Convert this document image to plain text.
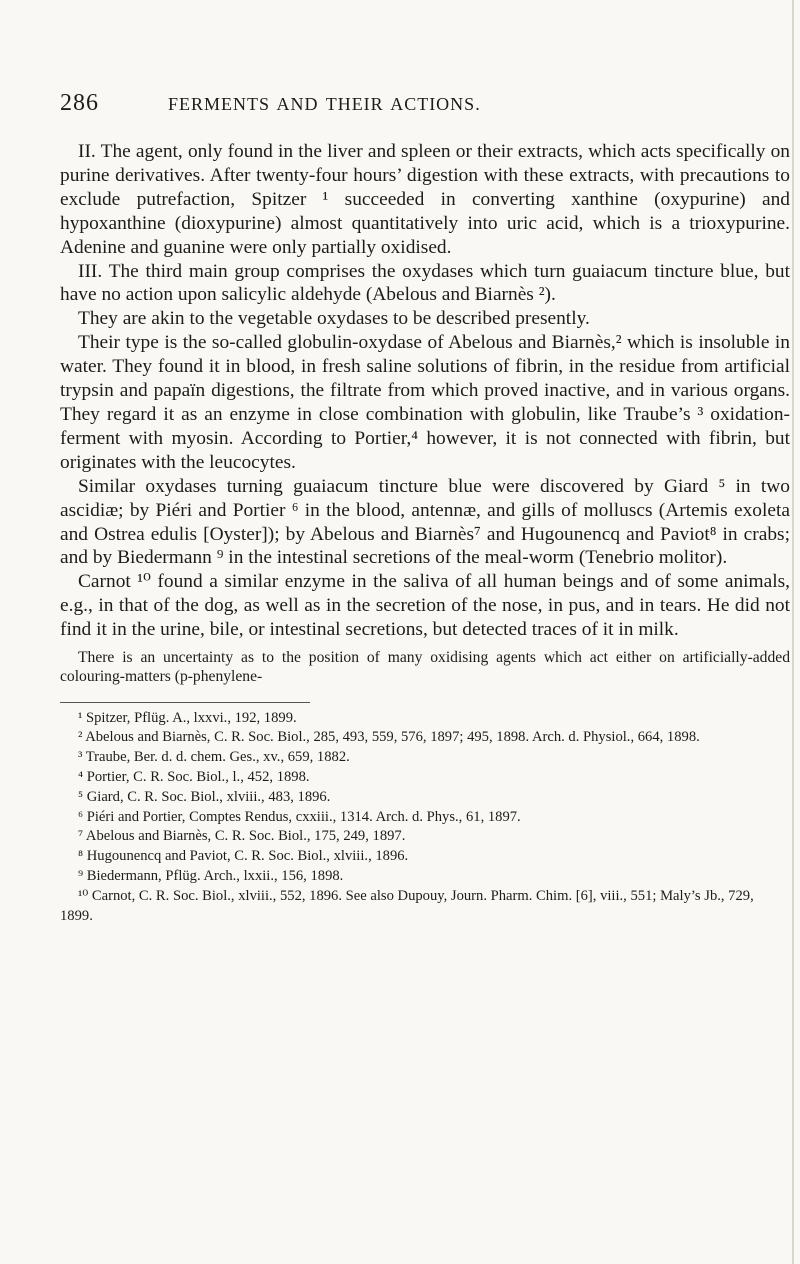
286	FERMENTS AND THEIR ACTIONS.

II. The agent, only found in the liver and spleen or their extracts, which acts specifically on purine derivatives. After twenty-four hours’ digestion with these extracts, with precautions to exclude putrefaction, Spitzer ¹ succeeded in converting xanthine (oxypurine) and hypoxanthine (dioxypurine) almost quantitatively into uric acid, which is a trioxypurine. Adenine and guanine were only partially oxidised.

III. The third main group comprises the oxydases which turn guaiacum tincture blue, but have no action upon salicylic aldehyde (Abelous and Biarnès ²).

They are akin to the vegetable oxydases to be described presently.

Their type is the so-called globulin-oxydase of Abelous and Biarnès,² which is insoluble in water. They found it in blood, in fresh saline solutions of fibrin, in the residue from artificial trypsin and papaïn digestions, the filtrate from which proved inactive, and in various organs. They regard it as an enzyme in close combination with globulin, like Traube’s ³ oxidation-ferment with myosin. According to Portier,⁴ however, it is not connected with fibrin, but originates with the leucocytes.

Similar oxydases turning guaiacum tincture blue were discovered by Giard ⁵ in two ascidiæ; by Piéri and Portier ⁶ in the blood, antennæ, and gills of molluscs (Artemis exoleta and Ostrea edulis [Oyster]); by Abelous and Biarnès⁷ and Hugounencq and Paviot⁸ in crabs; and by Biedermann ⁹ in the intestinal secretions of the meal-worm (Tenebrio molitor).

Carnot ¹⁰ found a similar enzyme in the saliva of all human beings and of some animals, e.g., in that of the dog, as well as in the secretion of the nose, in pus, and in tears. He did not find it in the urine, bile, or intestinal secretions, but detected traces of it in milk.

There is an uncertainty as to the position of many oxidising agents which act either on artificially-added colouring-matters (p-phenylene-

¹ Spitzer, Pflüg. A., lxxvi., 192, 1899.

² Abelous and Biarnès, C. R. Soc. Biol., 285, 493, 559, 576, 1897; 495, 1898. Arch. d. Physiol., 664, 1898.

³ Traube, Ber. d. d. chem. Ges., xv., 659, 1882.

⁴ Portier, C. R. Soc. Biol., l., 452, 1898.

⁵ Giard, C. R. Soc. Biol., xlviii., 483, 1896.

⁶ Piéri and Portier, Comptes Rendus, cxxiii., 1314. Arch. d. Phys., 61, 1897.

⁷ Abelous and Biarnès, C. R. Soc. Biol., 175, 249, 1897.

⁸ Hugounencq and Paviot, C. R. Soc. Biol., xlviii., 1896.

⁹ Biedermann, Pflüg. Arch., lxxii., 156, 1898.

¹⁰ Carnot, C. R. Soc. Biol., xlviii., 552, 1896. See also Dupouy, Journ. Pharm. Chim. [6], viii., 551; Maly’s Jb., 729, 1899.
